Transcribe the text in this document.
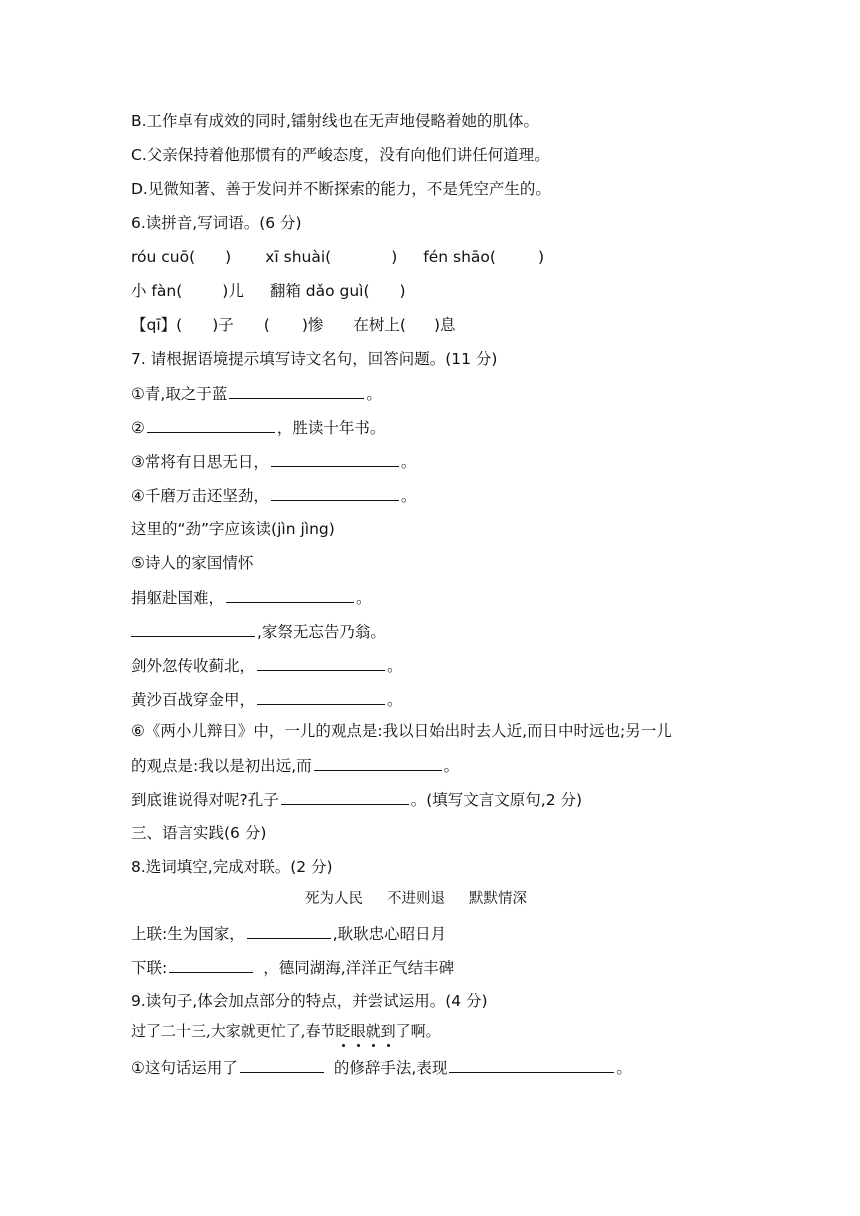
B.工作卓有成效的同时,镭射线也在无声地侵略着她的肌体。
C.父亲保持着他那惯有的严峻态度，没有向他们讲任何道理。
D.见微知著、善于发问并不断探索的能力，不是凭空产生的。
6.读拼音,写词语。(6 分)
róu cuō( ) xī shuài(	) fén shāo(	)
小 fàn(	)儿 翻箱 dǎo guì( )
【qī】( )子 ( )惨 在树上( )息
7. 请根据语境提示填写诗文名句，回答问题。(11 分)
①青,取之于蓝	。
②	，胜读十年书。
③常将有日思无日，	。
④千磨万击还坚劲，	。
这里的“劲”字应该读(jìn jìng)
⑤诗人的家国情怀
捐躯赴国难，	。
,家祭无忘告乃翁。
剑外忽传收蓟北，	。
黄沙百战穿金甲，	。
⑥《两小儿辩日》中，一儿的观点是:我以日始出时去人近,而日中时远也;另一儿
的观点是:我以是初出远,而	。
到底谁说得对呢?孔子	。(填写文言文原句,2 分)
三、语言实践(6 分)
8.选词填空,完成对联。(2 分)
死为人民 不进则退 默默情深
上联:生为国家，	,耿耿忠心昭日月
下联:	，德同湖海,洋洋正气结丰碑
9.读句子,体会加点部分的特点，并尝试运用。(4 分)
过了二十三,大家就更忙了,春节眨眼就到了啊。
①这句话运用了	的修辞手法,表现	。
